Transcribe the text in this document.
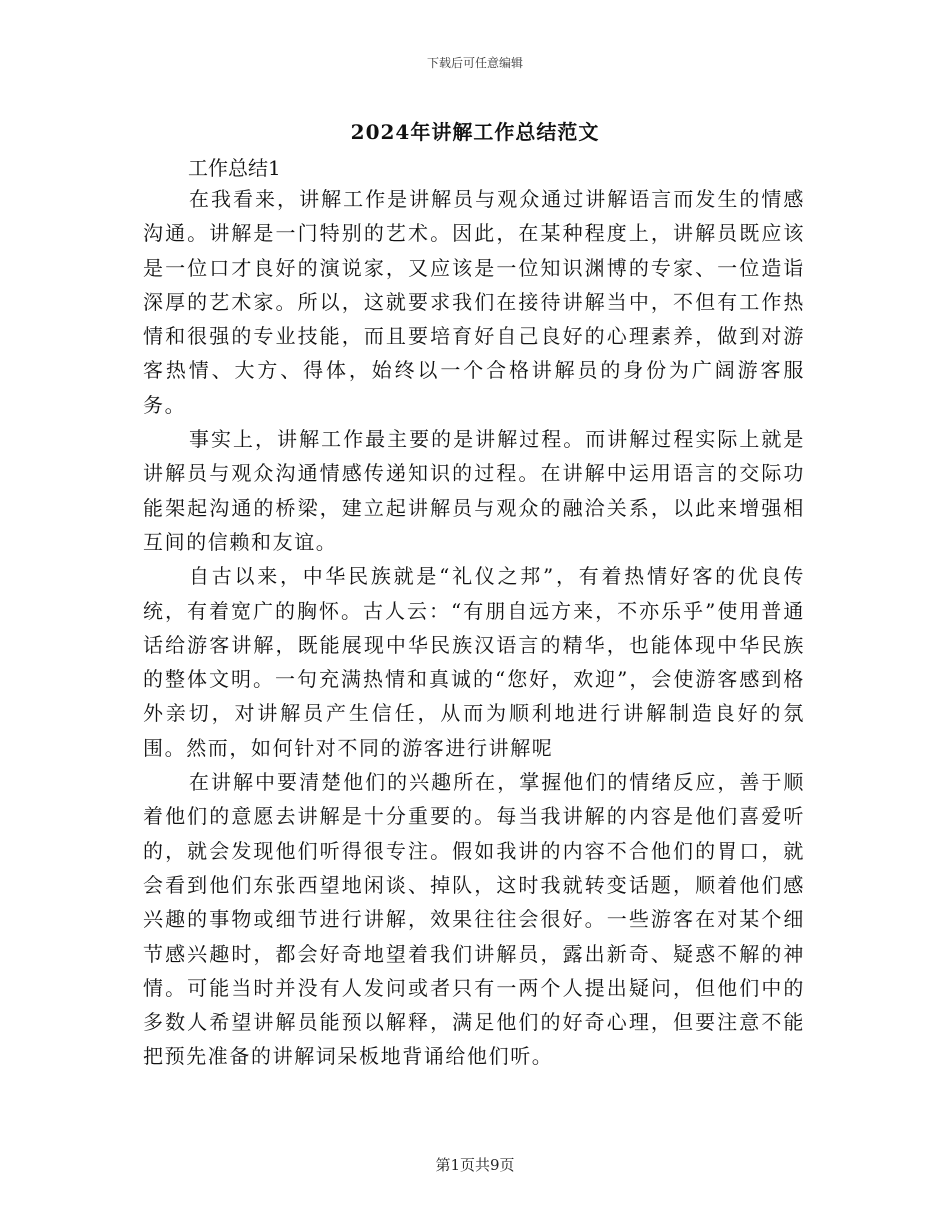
下载后可任意编辑
2024年讲解工作总结范文
工作总结1

在我看来，讲解工作是讲解员与观众通过讲解语言而发生的情感沟通。讲解是一门特别的艺术。因此，在某种程度上，讲解员既应该是一位口才良好的演说家，又应该是一位知识渊博的专家、一位造诣深厚的艺术家。所以，这就要求我们在接待讲解当中，不但有工作热情和很强的专业技能，而且要培育好自己良好的心理素养，做到对游客热情、大方、得体，始终以一个合格讲解员的身份为广阔游客服务。

事实上，讲解工作最主要的是讲解过程。而讲解过程实际上就是讲解员与观众沟通情感传递知识的过程。在讲解中运用语言的交际功能架起沟通的桥梁，建立起讲解员与观众的融洽关系，以此来增强相互间的信赖和友谊。

自古以来，中华民族就是“礼仪之邦”，有着热情好客的优良传统，有着宽广的胸怀。古人云：“有朋自远方来，不亦乐乎”使用普通话给游客讲解，既能展现中华民族汉语言的精华，也能体现中华民族的整体文明。一句充满热情和真诚的“您好，欢迎”，会使游客感到格外亲切，对讲解员产生信任，从而为顺利地进行讲解制造良好的氛围。然而，如何针对不同的游客进行讲解呢

在讲解中要清楚他们的兴趣所在，掌握他们的情绪反应，善于顺着他们的意愿去讲解是十分重要的。每当我讲解的内容是他们喜爱听的，就会发现他们听得很专注。假如我讲的内容不合他们的胃口，就会看到他们东张西望地闲谈、掉队，这时我就转变话题，顺着他们感兴趣的事物或细节进行讲解，效果往往会很好。一些游客在对某个细节感兴趣时，都会好奇地望着我们讲解员，露出新奇、疑惑不解的神情。可能当时并没有人发问或者只有一两个人提出疑问，但他们中的多数人希望讲解员能预以解释，满足他们的好奇心理，但要注意不能把预先准备的讲解词呆板地背诵给他们听。

第1页共9页
